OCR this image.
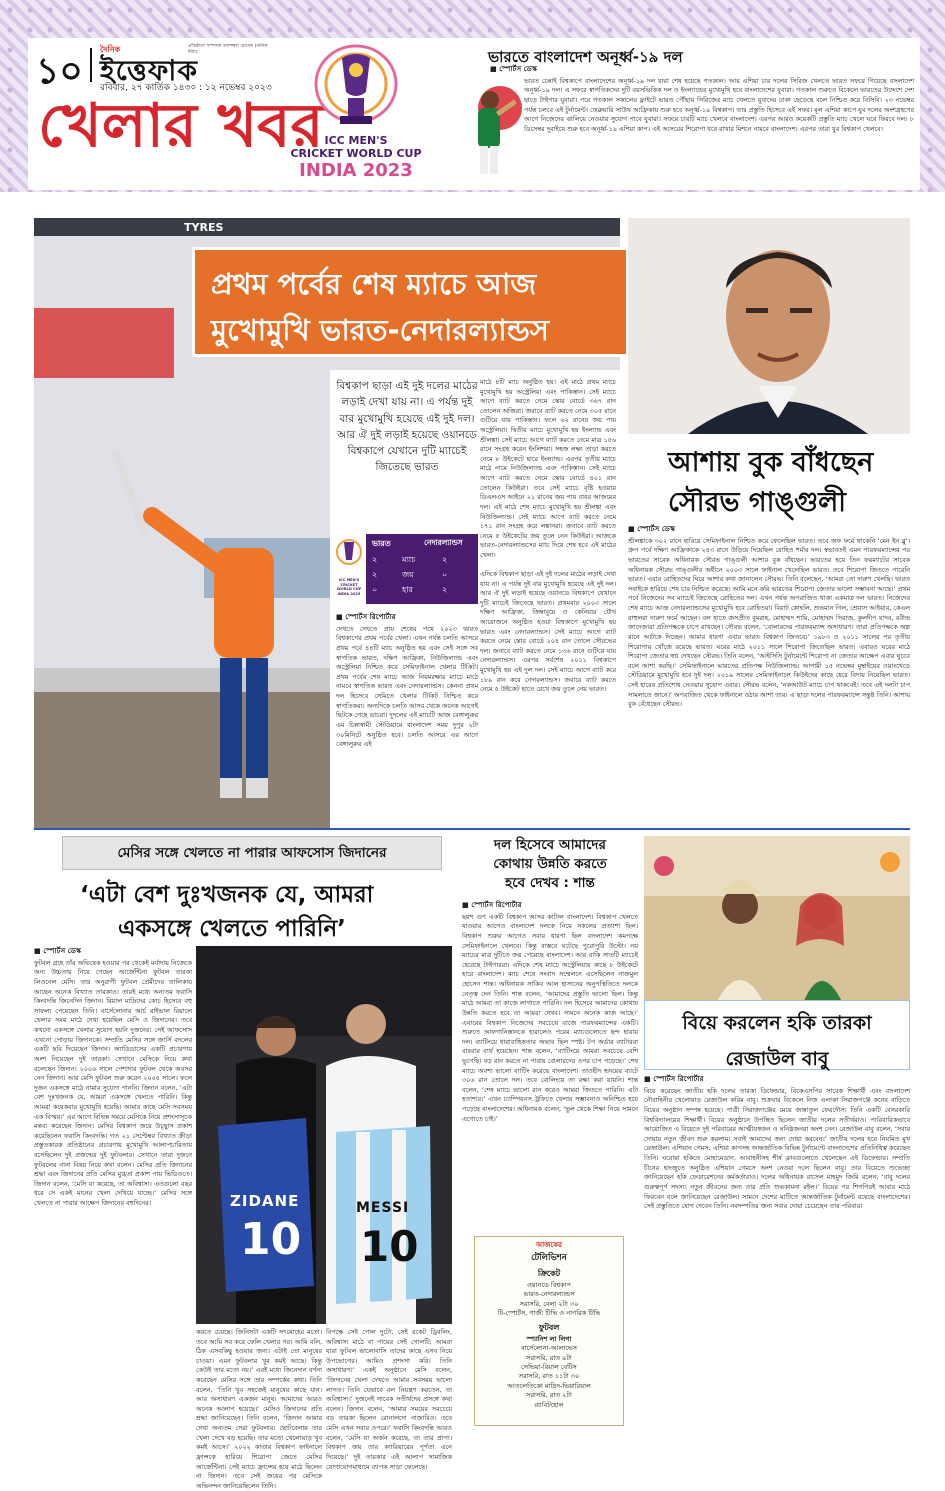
১০
দৈনিক
ইত্তেফাক
প্রতিষ্ঠাতা সম্পাদক তফাজ্জল হোসেন (মানিক মিয়া)
রবিবার, ২৭ কার্তিক ১৪৩০ : ১২ নভেম্বর ২০২৩
খেলার খবর ICC MEN'S
CRICKET WORLD CUP
INDIA 2023
ভারতে বাংলাদেশ অনূর্ধ্ব-১৯ দল
■ স্পোর্টস ডেস্ক
ভারত চেন্নাই বিশ্বকাপে বাংলাদেশের অনূর্ধ্ব-১৯ দল যারা শেষ হয়েছে গতকাল। আর এশিয়া চার দলের সিরিজ খেলতে ভারত সফরে গিয়েছে বাংলাদেশ অনূর্ধ্ব-১৯ দল। এ সফরে স্বাগতিকদের দুটি বয়সভিত্তিক দল ও ইংল্যান্ডের মুখোমুখি হবে বাংলাদেশের যুবারা। গতকাল শুরুতে বিকেলে ভারতের উদ্দেশে দেশ ছাড়ে টাইগার যুবারা। পরে গতকাল সকালের ফ্লাইটে ভারত পৌঁছায় সিরিজের ম্যাচ খেলতে যুবাদের ঢাকা ছেড়েছে বলে নিশ্চিত করে বিসিবি। ২৩ নভেম্বর পর্যন্ত চলবে এই টুর্নামেন্ট। ফেব্রুয়ারি সাউথ আফ্রিকায় শুরু হবে অনূর্ধ্ব-১৯ বিশ্বকাপ। তার প্রস্তুতি হিসেবে এই সফর। মূল এশিয়া কাপে যুব দলের অংশগ্রহণের আগে নিজেদের ঝালিয়ে নেওয়ার সুযোগ পাবে যুবারা। সফরে চারটি ম্যাচ খেলবে বাংলাদেশ। এরপর আরও কয়েকটি প্রস্তুতি ম্যাচ খেলে ঘরে ফিরবে দল। ৮ ডিসেম্বর দুবাইয়ে শুরু হবে অনূর্ধ্ব-১৯ এশিয়া কাপ। এই আসরের শিরোপা ধরে রাখার মিশনে নামবে বাংলাদেশ। এরপর তারা যুব বিশ্বকাপ খেলবে।
TYRES
প্রথম পর্বের শেষ ম্যাচে আজ
মুখোমুখি ভারত-নেদারল্যান্ডস
বিশ্বকাপ ছাড়া এই দুই দলের মাঠের লড়াই দেখা যায় না। এ পর্যন্ত দুই বার মুখোমুখি হয়েছে এই দুই দল। আর ঐ দুই লড়াই হয়েছে ওয়ানডে বিশ্বকাপে যেখানে দুটি ম্যাচেই জিতেছে ভারত
মাঠে ৪টি ম্যাচ অনুষ্ঠিত হয়। এই মাঠে প্রথম ম্যাচে মুখোমুখি হয় অস্ট্রেলিয়া এবং পাকিস্তান। সেই ম্যাচে আগে ব্যাট করতে নেমে স্কোর বোর্ডে ৩৬৭ রান তোলেন অজিরা। জবাবে ব্যাট করতে নেমে ৩০৫ রানে গুটিয়ে যায় পাকিস্তান। ফলে ৬২ রানের জয় পায় অস্ট্রেলিয়া। দ্বিতীয় ম্যাচে মুখোমুখি হয় ইংল্যান্ড এবং শ্রীলঙ্কা। সেই ম্যাচে আগে ব্যাট করতে নেমে মাত্র ১৫৬ রানে সংগ্রহ করেন ইংলিশরা। সহজ লক্ষ্য তাড়া করতে নেমে ৮ উইকেটে হারে ইংল্যান্ড। এরপর তৃতীয় ম্যাচে মাঠে নামে নিউজিল্যান্ড এবং পাকিস্তান। সেই ম্যাচে আগে ব্যাট করতে নেমে স্কোর বোর্ডে ৪০১ রান তোলেন কিউইরা। তবে সেই ম্যাচে বৃষ্টি হওয়ায় ডিএলএস আইনে ২১ রানের জয় পায় বাবর আজমের দল। এই মাঠে শেষ ম্যাচে মুখোমুখি হয় শ্রীলঙ্কা এবং নিউজিল্যান্ড। সেই ম্যাচে আগে ব্যাট করতে নেমে ১৭১ রান সংগ্রহ করে লঙ্কানরা। জবাবে ব্যাট করতে নেমে ৫ উইকেটের জয় তুলে নেন কিউইরা। আজকে ভারত-নেদারল্যান্ডসের ম্যাচ দিয়ে শেষ হবে এই মাঠের খেলা।
ICC MEN'S CRICKET WORLD CUP INDIA 2023
ভারত	নেদারল্যান্ডস
২	ম্যাচ	২
২	জয়	০
০	হার	২
■ স্পোর্টস রিপোর্টার
দেখতে দেখতে প্রায় শেষের পথে ২০২৩ ভারত বিশ্বকাপের প্রথম পর্বের খেলা। এখন পর্যন্ত চলতি আসরে প্রথম পর্বে ৪৪টি ম্যাচ অনুষ্ঠিত হয় এবং সেই সঙ্গে সব স্বাগতিক ভারত, দক্ষিণ আফ্রিকা, নিউজিল্যান্ড এবং অস্ট্রেলিয়া নিশ্চিত করে সেমিফাইনাল খেলার টিকিট। প্রথম পর্বের শেষ ম্যাচে আজ নিয়মরক্ষার ম্যাচে মাঠে নামবে স্বাগতিক ভারত এবং নেদারল্যান্ডস। কেননা প্রথম দল হিসেবে সেমিতে খেলার টিকিট নিশ্চিত করে স্বাগতিকরা। অন্যদিকে চলতি আসর থেকে অনেক আগেই ছিটকে গেছে ডাচরা। দুদলের এই ম্যাচটি আজ বেঙ্গালুরুর এম চিন্নাস্বামী স্টেডিয়ামে বাংলাদেশ সময় দুপুর ২টা ৩০মিনিটে অনুষ্ঠিত হবে। চলতি আসরে এর আগে বেঙ্গালুরুর এই
এদিকে বিশ্বকাপ ছাড়া এই দুই দলের মাঠের লড়াই দেখা যায় না। এ পর্যন্ত দুই বার মুখোমুখি হয়েছে এই দুই দল। আর ঐ দুই লড়াই হয়েছে ওয়ানডে বিশ্বকাপে যেখানে দুটি ম্যাচেই জিতেছে ভারত। প্রথমবার ২০০৩ সালে দক্ষিণ আফ্রিকা, জিম্বাবুয়ে ও কেনিয়ার যৌথ আয়োজনে অনুষ্ঠিত হওয়া বিশ্বকাপে মুখোমুখি হয় ভারত এবং নেদারল্যান্ডস। সেই ম্যাচে আগে ব্যাট করতে নেমে স্কোর বোর্ডে ২০৪ রান তোলে সৌরভের দল। জবাবে ব্যাট করতে নেমে ১৩৬ রানে গুটিয়ে যায় নেদারল্যান্ডস। এরপর সর্বশেষ ২০১১ বিশ্বকাপে মুখোমুখি হয় এই দুল দল। সেই ম্যাচে আগে ব্যাট করে ১৮৯ রান করে নেদারল্যান্ডস। জবাবে ব্যাট করতে নেমে ৫ উইকেট হাতে রেখে জয় তুলে নেয় ভারত।
আশায় বুক বাঁধছেন
সৌরভ গাঙ্গুলী
■ স্পোর্টস ডেস্ক
শ্রীলঙ্কাকে ৩০২ রানে হারিয়ে সেমিফাইনাল নিশ্চিত করে ফেলেছিল ভারত। তবে অফ ফর্মে থাকেনি ‘মেন ইন ব্লু’। গ্রুপ পর্বে দক্ষিণ আফ্রিকাকে ২৪৩ রানে উড়িয়ে দিয়েছিল রোহিত শর্মার দল। স্বভাবতই এমন পারফরম্যান্সের পর ভারতের সাবেক অধিনায়ক সৌরভ গাঙ্গুলী আশার বুক বাঁধছেন। ভারতের হয়ে তিন ফরম্যাটের সাবেক অধিনায়ক সৌরভ গাঙ্গুলীর অধীনে ২০০৩ সালে ফাইনাল খেলেছিল ভারত। তবে শিরোপা জিততে পারেনি ভারত। এবার রোহিতদের ঘিরে আশার কথা জানালেন সৌরভ। তিনি বলেছেন, ‘আমরা তো দারুণ খেলছি। ভারত সবাইকে হারিয়ে শেষ চার নিশ্চিত করেছে। আমি মনে করি ভারতের শিরোপা জেতার ভালো সম্ভাবনা আছে।’ প্রথম পর্বে নিজেদের সব ম্যাচেই জিতেছে রোহিতের দল। এখন পর্যন্ত অপরাজিত থাকা একমাত্র দল ভারত। নিজেদের শেষ ম্যাচে আজ নেদারল্যান্ডসের মুখোমুখি হবে রোহিতরা। বিরাট কোহলি, শুভমান গিল, শ্রেয়াস আইয়ার, কেএল রাহুলরা দারুণ ফর্মে আছেন। বল হাতে জসপ্রীত বুমরাহ, মোহাম্মদ শামি, মোহাম্মদ সিরাজ, কুলদীপ যাদব, রবীন্দ্র জাদেজারা প্রতিপক্ষকে চাপে রাখছেন। সৌরভ বলেন, ‘বোলারদের পারফরম্যান্স অসাধারণ। তারা প্রতিপক্ষকে অল্প রানে আটকে দিচ্ছেন। আমার ধারণা এবার ভারত বিশ্বকাপ জিতবে।’ ১৯৮৩ ও ২০১১ সালের পর তৃতীয় শিরোপার খোঁজে রয়েছে ভারত। ঘরের মাঠে ২০১১ সালে শিরোপা জিতেছিল ভারত। এবারও ঘরের মাঠে শিরোপা জেতার স্বপ্ন দেখছেন সৌরভ। তিনি বলেন, ‘আইসিসি টুর্নামেন্টে শিরোপা না জেতার আক্ষেপ এবার ঘুচবে বলে আশা করছি।’ সেমিফাইনালে ভারতের প্রতিপক্ষ নিউজিল্যান্ড। আগামী ১৫ নভেম্বর মুম্বাইয়ের ওয়াংখেড়ে স্টেডিয়ামে মুখোমুখি হবে দুই দল। ২০১৯ সালের সেমিফাইনালে কিউইদের কাছে হেরে বিদায় নিয়েছিল ভারত। সেই হারের প্রতিশোধ নেওয়ার সুযোগ এবার। সৌরভ বলেন, ‘নকআউট ম্যাচে চাপ থাকবেই। তবে এই দলটা চাপ সামলাতে জানে।’ অপরাজিত থেকে ফাইনালে ওঠার আশা তার। এ ছাড়া দলের পারফরম্যান্সে সন্তুষ্ট তিনি। আশায় বুক বেঁধেছেন সৌরভ।
মেসির সঙ্গে খেলতে না পারার আফসোস জিদানের
‘এটা বেশ দুঃখজনক যে, আমরা
একসঙ্গে খেলতে পারিনি’
■ স্পোর্টস ডেস্ক
ফুটবল গ্রহে তাঁর অভিষেক হওয়ার পর থেকেই মর্যাদায় নিজেকে অন্য উচ্চতায় নিয়ে গেছেন আর্জেন্টিনা ফুটবল তারকা লিওনেল মেসি। তার অনুরাগী ফুটবল প্রেমীদের তালিকায় আছেন অনেক বিখ্যাত তারকাও। তারই মধ্যে অন্যতম ফরাসি কিংবদন্তি জিনেদিন জিদান। রিয়াল মাদ্রিদের কোচ হিসেবে বহু সাফল্য পেয়েছেন তিনি। বার্সেলোনার আর্চ রাইভাল রিয়ালে খেলার সময় মাঠে দেখা হয়েছিল মেসি ও জিদানের। তবে কখনো একসঙ্গে খেলার সুযোগ হয়নি দুজনের। সেই আফসোস এখনো পোড়ায় জিদানকে। সম্প্রতি মেসির সঙ্গে জার্সি বদলের একটি ছবি দিয়েছেন জিদান। অ্যাডিডাসের একটি প্রচারণায় অংশ নিয়েছেন দুই তারকা। সেখানে মেসিকে নিয়ে কথা বলেছেন জিদান। ২০০৬ সালে পেশাদার ফুটবল থেকে অবসর নেন জিদান। আর মেসি ফুটবল শুরু করেন ২০০৪ সালে। ফলে দুজন একসঙ্গে মাঠে নামার সুযোগ পাননি। জিদান বলেন, ‘এটা বেশ দুঃখজনক যে, আমরা একসঙ্গে খেলতে পারিনি। কিন্তু আমরা কয়েকবার মুখোমুখি হয়েছি। আমার কাছে মেসি সবসময় এক বিস্ময়।’ এর আগে বিভিন্ন সময়ে মেসিকে নিয়ে প্রশংসাসূচক মন্তব্য করেছেন জিদান। মেসির বিশ্বকাপ জয়ে উচ্ছ্বাস প্রকাশ করেছিলেন ফরাসি কিংবদন্তি। গত ২১ সেপ্টেম্বর বিখ্যাত ক্রীড়া প্রস্তুতকারক প্রতিষ্ঠানের প্রচারণায় মুখোমুখি আলাপচারিতায় বসেছিলেন দুই প্রজন্মের দুই ফুটবলার। সেখানে তারা দুজনে ফুটবলের নানা বিষয় নিয়ে কথা বলেন। মেসির প্রতি জিদানের শ্রদ্ধা এবং জিদানের প্রতি মেসির মুগ্ধতা প্রকাশ পায় ভিডিওতে। জিদান বলেন, ‘মেসি যা করেছে, তা অবিশ্বাস্য। এতগুলো বছর ধরে সে একই মানের খেলা দেখিয়ে যাচ্ছে।’ মেসির সঙ্গে খেলতে না পারার আক্ষেপ জিদানের বহুদিনের।	ZIDANE
10
MESSI
10
করতে চেয়ছে। জিনিসটা একটি সৎমোহের মতো। তবে আমি সব করে ফেলি খেলার পর। আমি বলি, ঠিক এসবকিছু হওয়ার জন্য। এটাই তো মানুষের চাওয়া। এমন ফুটবলার খুব কমই আছে। কিন্তু কেউই তার মতো নয়।’ এরই মধ্যে জিনেদান বর্ণনা করেছেন মেসির সঙ্গে তার সম্পর্কের কথা। তিনি বলেন, ‘তিনি খুব সহজেই মানুষের কাছে যান। আর অসাধারণ একজন মানুষ। আমাদের আরও অনেক আলাপ হয়েছে।’ মেসিও জিদানের প্রতি শ্রদ্ধা জানিয়েছেন। তিনি বলেন, ‘জিদান আমার দেখা অন্যতম সেরা ফুটবলার। ছোটবেলায় তার খেলা দেখে বড় হয়েছি। তার মতো খেলোয়াড় খুব কমই আসে।’ ২০২২ কাতার বিশ্বকাপ ফাইনালে ফ্রান্সকে হারিয়ে শিরোপা জেতে মেসির আর্জেন্টিনা। সেই ম্যাচে ফ্রান্সের হয়ে মাঠে ছিলেন না জিদান। তবে সেই জয়ের পর মেসিকে অভিনন্দন জানিয়েছিলেন তিনি।
বিপক্ষে সেই গোল দুটো, সেই রকেট ড্রিবলিং, অবিশ্বাস্য মাঠে বা পায়ের সেই গোলটি; আমরা যারা ফুটবল ভালোবাসি তাদের কাছে এসব নিয়ে উপভোগের। আমিও প্রশংসা করি। তিনি অসাধারণ।’ একই অনুষ্ঠানে মেসি বলেন, ‘জিদানের খেলা দেখতে আমার সবসময় ভালো লাগত। তিনি যেভাবে বল নিয়ন্ত্রণ করতেন, তা অবিশ্বাস্য।’ দুজনেই সাবেক সতীর্থদের প্রসঙ্গে কথা বলেন। জিদান বলেন, ‘আমার সময়ের সবচেয়ে বড় তারকা ছিলেন রোনালদো নাজারিও। তবে মেসি এখন সবার ওপরে।’ ফরাসি কিংবদন্তি আরও বলেন, ‘মেসি যা অর্জন করেছে, তা তার প্রাপ্য। বিশ্বকাপ জয় তার ক্যারিয়ারের পূর্ণতা এনে দিয়েছে।’ দুই তারকার এই আলাপ সামাজিক যোগাযোগমাধ্যমে ব্যাপক সাড়া ফেলেছে।
দল হিসেবে আমাদের
কোথায় উন্নতি করতে
হবে দেখব : শান্ত
■ স্পোর্টস রিপোর্টার
ছয়শ গুণ একটি বিশ্বকাপ আসর কাটাল বাংলাদেশ। বিশ্বকাপ খেলতে যাওয়ার আগেও বাংলাদেশ দলকে নিয়ে সকলের প্রত্যাশা ছিল। বিশ্বকাপ শুরুর আগেও সবার ধারণা ছিল বাংলাদেশ কমপক্ষে সেমিফাইনালে খেলবে। কিন্তু বাস্তবে ঘটেছে পুরোপুরি উল্টো। নয় ম্যাচের মাত্র দুটিতে জয় পেয়েছে বাংলাদেশ। আর বাকি সাতটি ম্যাচেই হেরেছে টাইগাররা। এদিকে শেষ ম্যাচে অস্ট্রেলিয়ার কাছে ৮ উইকেটে হারে বাংলাদেশ। ম্যাচ শেষে সংবাদ সম্মেলনে এসেছিলেন নাজমুল হোসেন শান্ত। অধিনায়ক সাকিব আল হাসানের অনুপস্থিতিতে দলকে নেতৃত্ব দেন তিনি। শান্ত বলেন, ‘আমাদের প্রস্তুতি ভালো ছিল। কিন্তু মাঠে আমরা তা কাজে লাগাতে পারিনি। দল হিসেবে আমাদের কোথায় উন্নতি করতে হবে তা আমরা দেখব। সামনে অনেক কাজ আছে।’ এবারের বিশ্বকাপ নিজেদের সবচেয়ে বাজে পারফরম্যান্সের একটি। শুরুতে আফগানিস্তানকে হারালেও পরের ম্যাচগুলোতে ছন্দ হারায় দল। ব্যাটিংয়ে ধারাবাহিকতার অভাব ছিল স্পষ্ট। টপ অর্ডার ব্যাটাররা বারবার ব্যর্থ হয়েছেন। শান্ত বলেন, ‘ব্যাটিংয়ে আমরা সবচেয়ে বেশি ভুগেছি। বড় রান করতে না পারায় বোলারদের ওপর চাপ পড়েছে।’ শেষ ম্যাচে অবশ্য ভালো ব্যাটিং করেছে বাংলাদেশ। তাওহীদ হৃদয়ের ব্যাটে ৩০৬ রান তোলে দল। তবে বোলিংয়ে তা রক্ষা করা যায়নি। শান্ত বলেন, ‘শেষ ম্যাচে ভালো রান করেও আমরা জিততে পারিনি। এটা হতাশার।’ এখন চ্যাম্পিয়নস ট্রফিতে খেলার সম্ভাবনাও অনিশ্চিত হয়ে পড়েছে বাংলাদেশের। অধিনায়ক বলেন, ‘ভুল থেকে শিক্ষা নিয়ে সামনে এগোতে চাই।’
আজকের
টেলিভিশন
ক্রিকেট
ওয়ানডে বিশ্বকাপ
ভারত-নেদারল্যান্ডস
সরাসরি, বেলা ২টা ৩০
টি-স্পোর্টস, গাজী টিভি ও নাগরিক টিভি
ফুটবল
স্প্যানিশ লা লিগা
বার্সেলোনা-আলাভেস
সরাসরি, রাত ৯টা
সেভিয়া-রিয়াল বেটিস
সরাসরি, রাত ১১টা ৩০
আতলেতিকো মাদ্রিদ-ভিয়ারিয়াল
সরাসরি, রাত ২টা
র‍্যাবিটহোল
বিয়ে করলেন হকি তারকা
রেজাউল বাবু
■ স্পোর্টস রিপোর্টার
বিয়ে করেছেন জাতীয় হকি দলের তারকা ডিফেন্ডার, বিকেএসপির সাবেক শিক্ষার্থী এবং বাংলাদেশ নৌবাহিনীর খেলোয়াড় রেজাউল করিম বাবু। শুক্রবার বিকেলে নিজ এলাকা সিরাজগঞ্জে কনের বাড়িতে বিয়ের অনুষ্ঠান সম্পন্ন হয়েছে। পাত্রী সিরাজগঞ্জের মেয়ে জান্নাতুল ফেরদৌস। তিনি একটি বেসরকারি বিশ্ববিদ্যালয়ের শিক্ষার্থী। বিয়ের অনুষ্ঠানে উপস্থিত ছিলেন জাতীয় দলের সতীর্থরাও। পারিবারিকভাবে আয়োজিত এ বিয়েতে দুই পরিবারের আত্মীয়স্বজন ও ঘনিষ্ঠজনরা অংশ নেন। রেজাউল বাবু বলেন, ‘সবার দোয়ায় নতুন জীবন শুরু করলাম। সবাই আমাদের জন্য দোয়া করবেন।’ জাতীয় দলের হয়ে নিয়মিত মুখ রেজাউল। এশিয়ান গেমস, এশিয়া কাপসহ আন্তর্জাতিক বিভিন্ন টুর্নামেন্টে বাংলাদেশের প্রতিনিধিত্ব করেছেন তিনি। ঘরোয়া হকিতে মোহামেডান, আবাহনীসহ শীর্ষ ক্লাবগুলোতে খেলেছেন এই ডিফেন্ডার। সম্প্রতি চীনের হাংজুতে অনুষ্ঠিত এশিয়ান গেমসে অংশ নেওয়া দলে ছিলেন বাবু। তার বিয়েতে শুভেচ্ছা জানিয়েছেন হকি ফেডারেশনের কর্মকর্তারাও। দলের অধিনায়ক রাসেল মাহমুদ জিমি বলেন, ‘বাবু দলের গুরুত্বপূর্ণ সদস্য। নতুন জীবনের জন্য তার প্রতি শুভকামনা রইল।’ বিয়ের পর শিগগিরই আবার মাঠে ফিরবেন বলে জানিয়েছেন রেজাউল। সামনে দেশের মাটিতে আন্তর্জাতিক টুর্নামেন্ট রয়েছে বাংলাদেশের। সেই প্রস্তুতিতে যোগ দেবেন তিনি। নবদম্পতির জন্য সবার দোয়া চেয়েছেন তার পরিবার।
